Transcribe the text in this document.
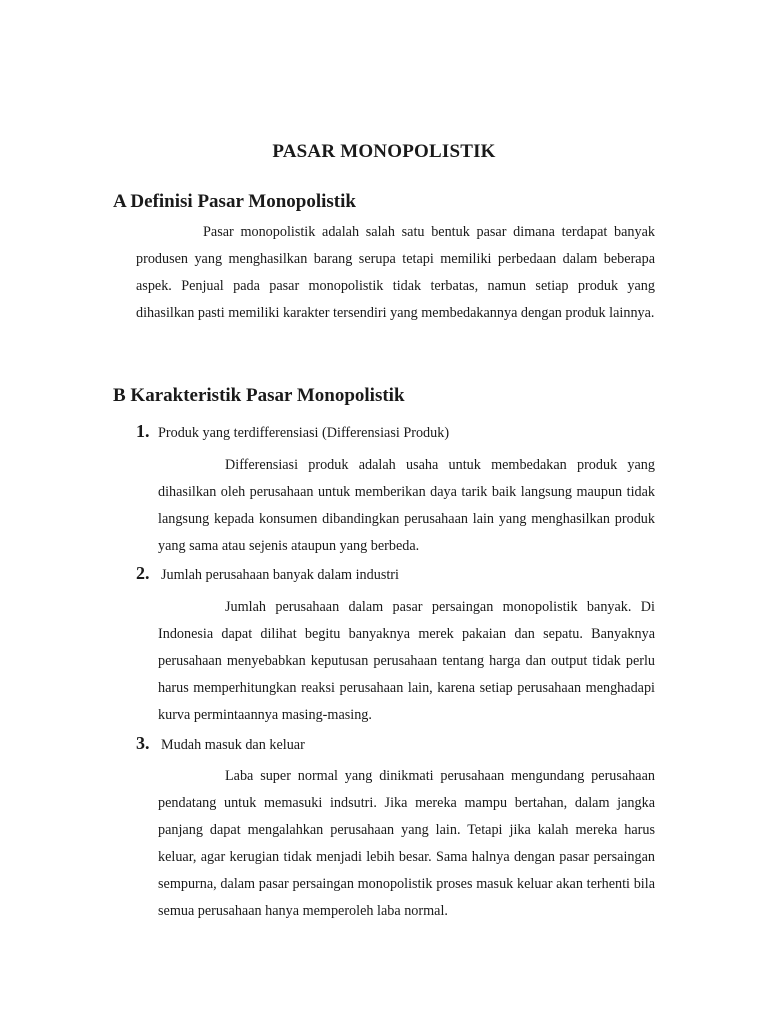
PASAR MONOPOLISTIK
A Definisi Pasar Monopolistik

Pasar monopolistik adalah salah satu bentuk pasar dimana terdapat banyak produsen yang menghasilkan barang serupa tetapi memiliki perbedaan dalam beberapa aspek. Penjual pada pasar monopolistik tidak terbatas, namun setiap produk yang dihasilkan pasti memiliki karakter tersendiri yang membedakannya dengan produk lainnya.

B Karakteristik Pasar Monopolistik
1. Produk yang terdifferensiasi (Differensiasi Produk)

Differensiasi produk adalah usaha untuk membedakan produk yang dihasilkan oleh perusahaan untuk memberikan daya tarik baik langsung maupun tidak langsung kepada konsumen dibandingkan perusahaan lain yang menghasilkan produk yang sama atau sejenis ataupun yang berbeda.

2. Jumlah perusahaan banyak dalam industri

Jumlah perusahaan dalam pasar persaingan monopolistik banyak. Di Indonesia dapat dilihat begitu banyaknya merek pakaian dan sepatu. Banyaknya perusahaan menyebabkan keputusan perusahaan tentang harga dan output tidak perlu harus memperhitungkan reaksi perusahaan lain, karena setiap perusahaan menghadapi kurva permintaannya masing-masing.

3. Mudah masuk dan keluar

Laba super normal yang dinikmati perusahaan mengundang perusahaan pendatang untuk memasuki indsutri. Jika mereka mampu bertahan, dalam jangka panjang dapat mengalahkan perusahaan yang lain. Tetapi jika kalah mereka harus keluar, agar kerugian tidak menjadi lebih besar. Sama halnya dengan pasar persaingan sempurna, dalam pasar persaingan monopolistik proses masuk keluar akan terhenti bila semua perusahaan hanya memperoleh laba normal.
